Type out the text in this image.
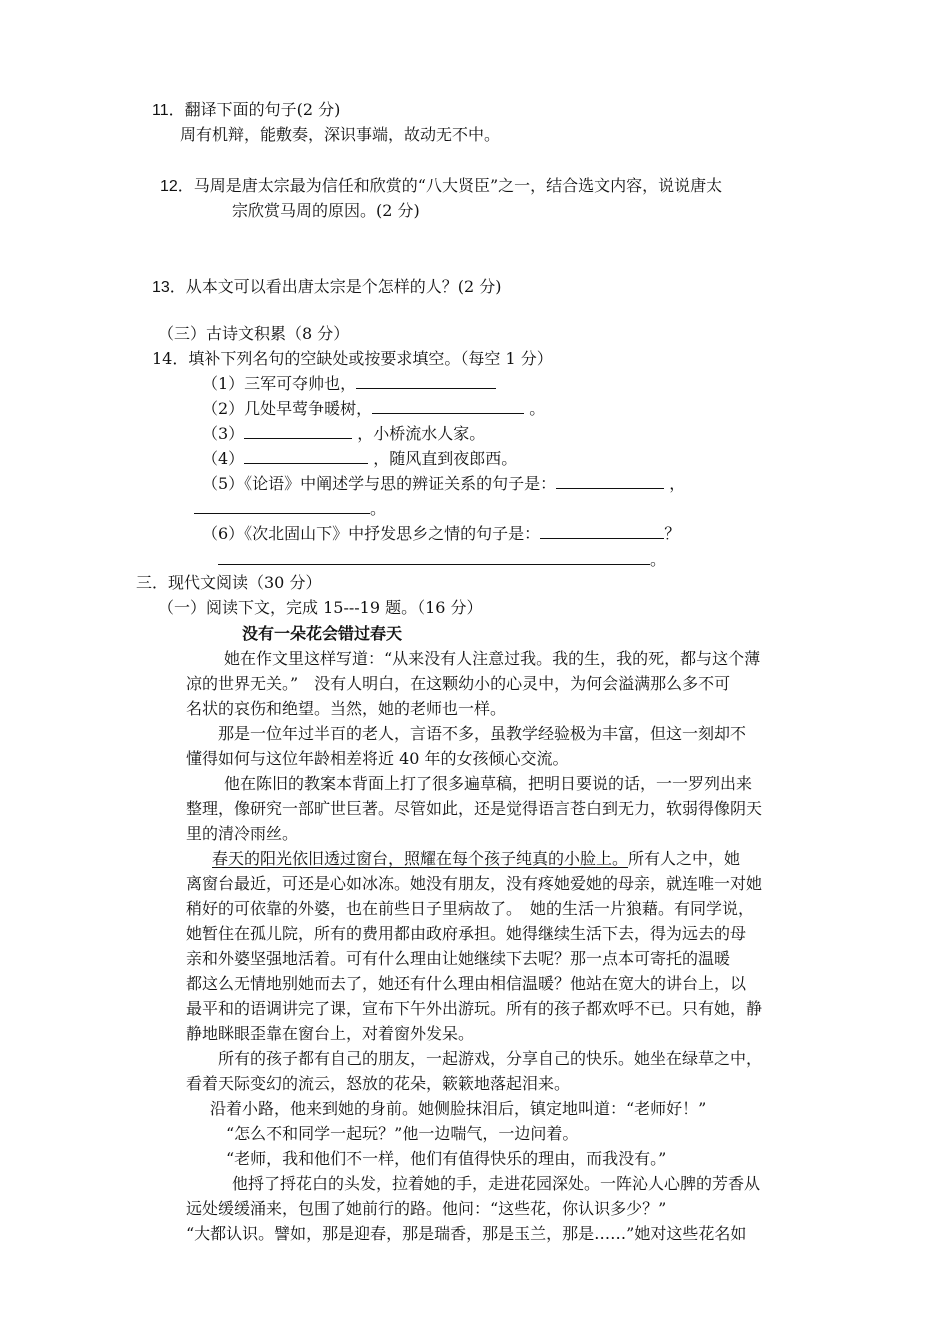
11．翻译下面的句子(2 分)
周有机辩，能敷奏，深识事端，故动无不中。
12．马周是唐太宗最为信任和欣赏的“八大贤臣”之一，结合选文内容，说说唐太
宗欣赏马周的原因。(2 分)
13．从本文可以看出唐太宗是个怎样的人？(2 分)
（三）古诗文积累（8 分）
14．填补下列名句的空缺处或按要求填空。（每空 1 分）
（1）三军可夺帅也，
（2）几处早莺争暖树，	。
（3）	，小桥流水人家。
（4）	，随风直到夜郎西。
（5）《论语》中阐述学与思的辨证关系的句子是：	，
。
（6）《次北固山下》中抒发思乡之情的句子是：	？
。
三．现代文阅读（30 分）
（一）阅读下文，完成 15---19 题。（16 分）
没有一朵花会错过春天
她在作文里这样写道：“从来没有人注意过我。我的生，我的死，都与这个薄
凉的世界无关。”　没有人明白，在这颗幼小的心灵中，为何会溢满那么多不可
名状的哀伤和绝望。当然，她的老师也一样。
那是一位年过半百的老人，言语不多，虽教学经验极为丰富，但这一刻却不
懂得如何与这位年龄相差将近 40 年的女孩倾心交流。
他在陈旧的教案本背面上打了很多遍草稿，把明日要说的话，一一罗列出来
整理，像研究一部旷世巨著。尽管如此，还是觉得语言苍白到无力，软弱得像阴天
里的清冷雨丝。
春天的阳光依旧透过窗台，照耀在每个孩子纯真的小脸上。所有人之中，她
离窗台最近，可还是心如冰冻。她没有朋友，没有疼她爱她的母亲，就连唯一对她
稍好的可依靠的外婆，也在前些日子里病故了。　她的生活一片狼藉。有同学说，
她暂住在孤儿院，所有的费用都由政府承担。她得继续生活下去，得为远去的母
亲和外婆坚强地活着。可有什么理由让她继续下去呢？那一点本可寄托的温暖
都这么无情地别她而去了，她还有什么理由相信温暖？他站在宽大的讲台上，以
最平和的语调讲完了课，宣布下午外出游玩。所有的孩子都欢呼不已。只有她，静
静地眯眼歪靠在窗台上，对着窗外发呆。
所有的孩子都有自己的朋友，一起游戏，分享自己的快乐。她坐在绿草之中，
看着天际变幻的流云，怒放的花朵，簌簌地落起泪来。
沿着小路，他来到她的身前。她侧脸抹泪后，镇定地叫道：“老师好！”
“怎么不和同学一起玩？”他一边喘气，一边问着。
“老师，我和他们不一样，他们有值得快乐的理由，而我没有。”
他捋了捋花白的头发，拉着她的手，走进花园深处。一阵沁人心脾的芳香从
远处缓缓涌来，包围了她前行的路。他问：“这些花，你认识多少？”
“大都认识。譬如，那是迎春，那是瑞香，那是玉兰，那是……”她对这些花名如
